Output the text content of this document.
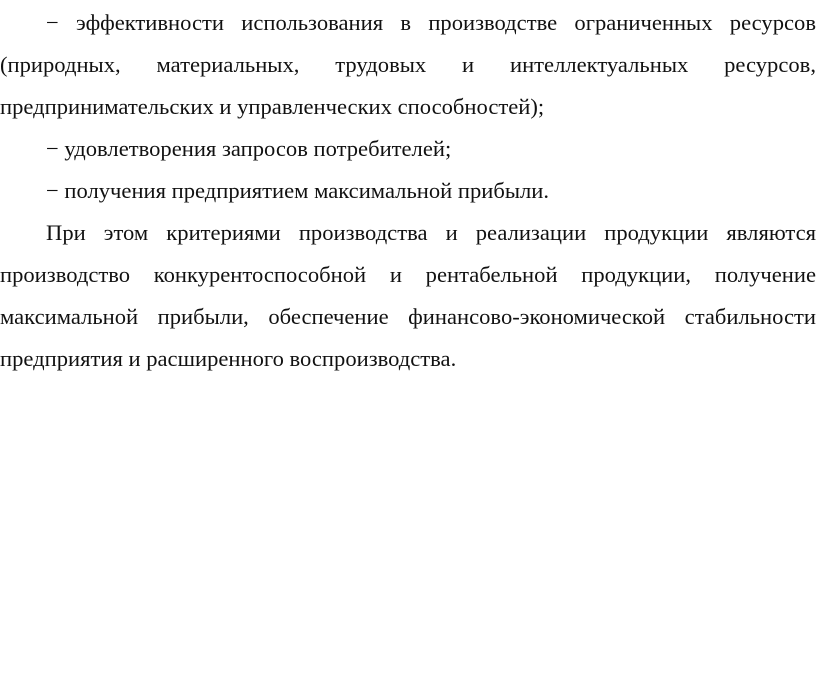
− эффективности использования в производстве ограниченных ресурсов (природных, материальных, трудовых и интеллектуальных ресурсов, предпринимательских и управленческих способностей);

− удовлетворения запросов потребителей;

− получения предприятием максимальной прибыли.

При этом критериями производства и реализации продукции являются производство конкурентоспособной и рентабельной продукции, получение максимальной прибыли, обеспечение финансово-экономической стабильности предприятия и расширенного воспроизводства.
